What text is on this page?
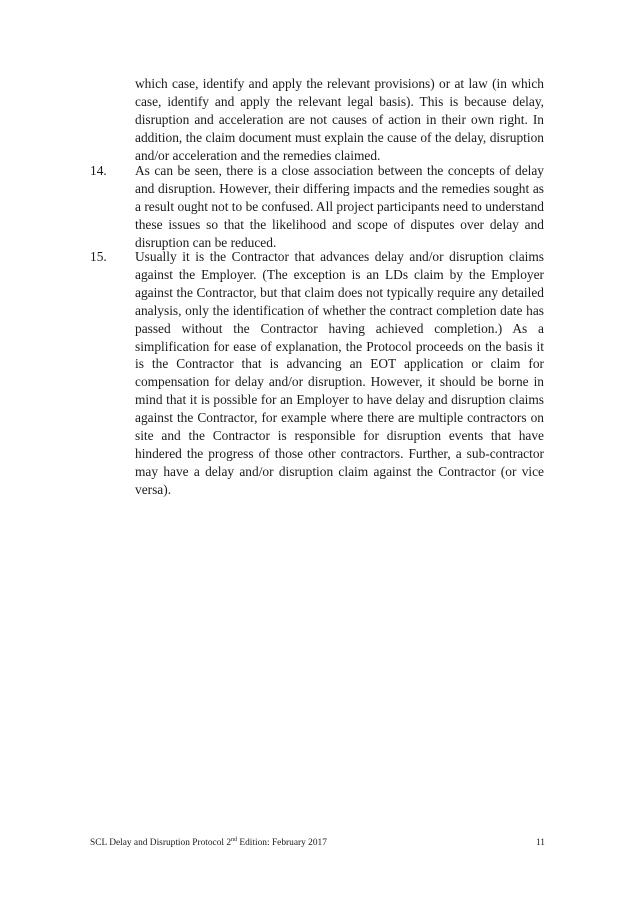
which case, identify and apply the relevant provisions) or at law (in which case, identify and apply the relevant legal basis). This is because delay, disruption and acceleration are not causes of action in their own right. In addition, the claim document must explain the cause of the delay, disruption and/or acceleration and the remedies claimed.

14. As can be seen, there is a close association between the concepts of delay and disruption. However, their differing impacts and the remedies sought as a result ought not to be confused. All project participants need to understand these issues so that the likelihood and scope of disputes over delay and disruption can be reduced.

15. Usually it is the Contractor that advances delay and/or disruption claims against the Employer. (The exception is an LDs claim by the Employer against the Contractor, but that claim does not typically require any detailed analysis, only the identification of whether the contract completion date has passed without the Contractor having achieved completion.) As a simplification for ease of explanation, the Protocol proceeds on the basis it is the Contractor that is advancing an EOT application or claim for compensation for delay and/or disruption. However, it should be borne in mind that it is possible for an Employer to have delay and disruption claims against the Contractor, for example where there are multiple contractors on site and the Contractor is responsible for disruption events that have hindered the progress of those other contractors. Further, a sub-contractor may have a delay and/or disruption claim against the Contractor (or vice versa).

SCL Delay and Disruption Protocol 2nd Edition: February 2017	11
